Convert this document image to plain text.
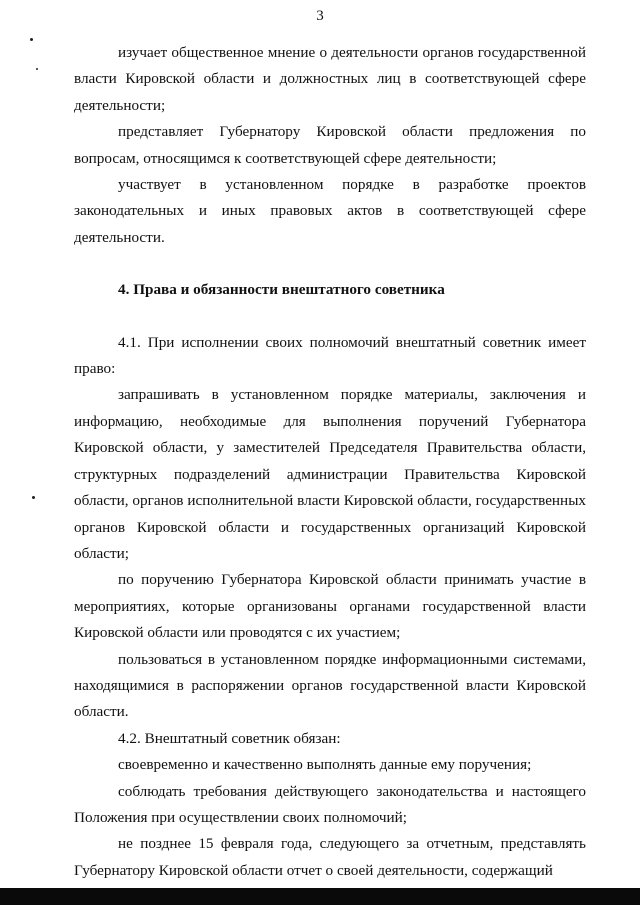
3

изучает общественное мнение о деятельности органов государственной власти Кировской области и должностных лиц в соответствующей сфере деятельности;

представляет Губернатору Кировской области предложения по вопросам, относящимся к соответствующей сфере деятельности;

участвует в установленном порядке в разработке проектов законодательных и иных правовых актов в соответствующей сфере деятельности.

4. Права и обязанности внештатного советника

4.1. При исполнении своих полномочий внештатный советник имеет право:

запрашивать в установленном порядке материалы, заключения и информацию, необходимые для выполнения поручений Губернатора Кировской области, у заместителей Председателя Правительства области, структурных подразделений администрации Правительства Кировской области, органов исполнительной власти Кировской области, государственных органов Кировской области и государственных организаций Кировской области;

по поручению Губернатора Кировской области принимать участие в мероприятиях, которые организованы органами государственной власти Кировской области или проводятся с их участием;

пользоваться в установленном порядке информационными системами, находящимися в распоряжении органов государственной власти Кировской области.

4.2. Внештатный советник обязан:

своевременно и качественно выполнять данные ему поручения;

соблюдать требования действующего законодательства и настоящего Положения при осуществлении своих полномочий;

не позднее 15 февраля года, следующего за отчетным, представлять Губернатору Кировской области отчет о своей деятельности, содержащий
